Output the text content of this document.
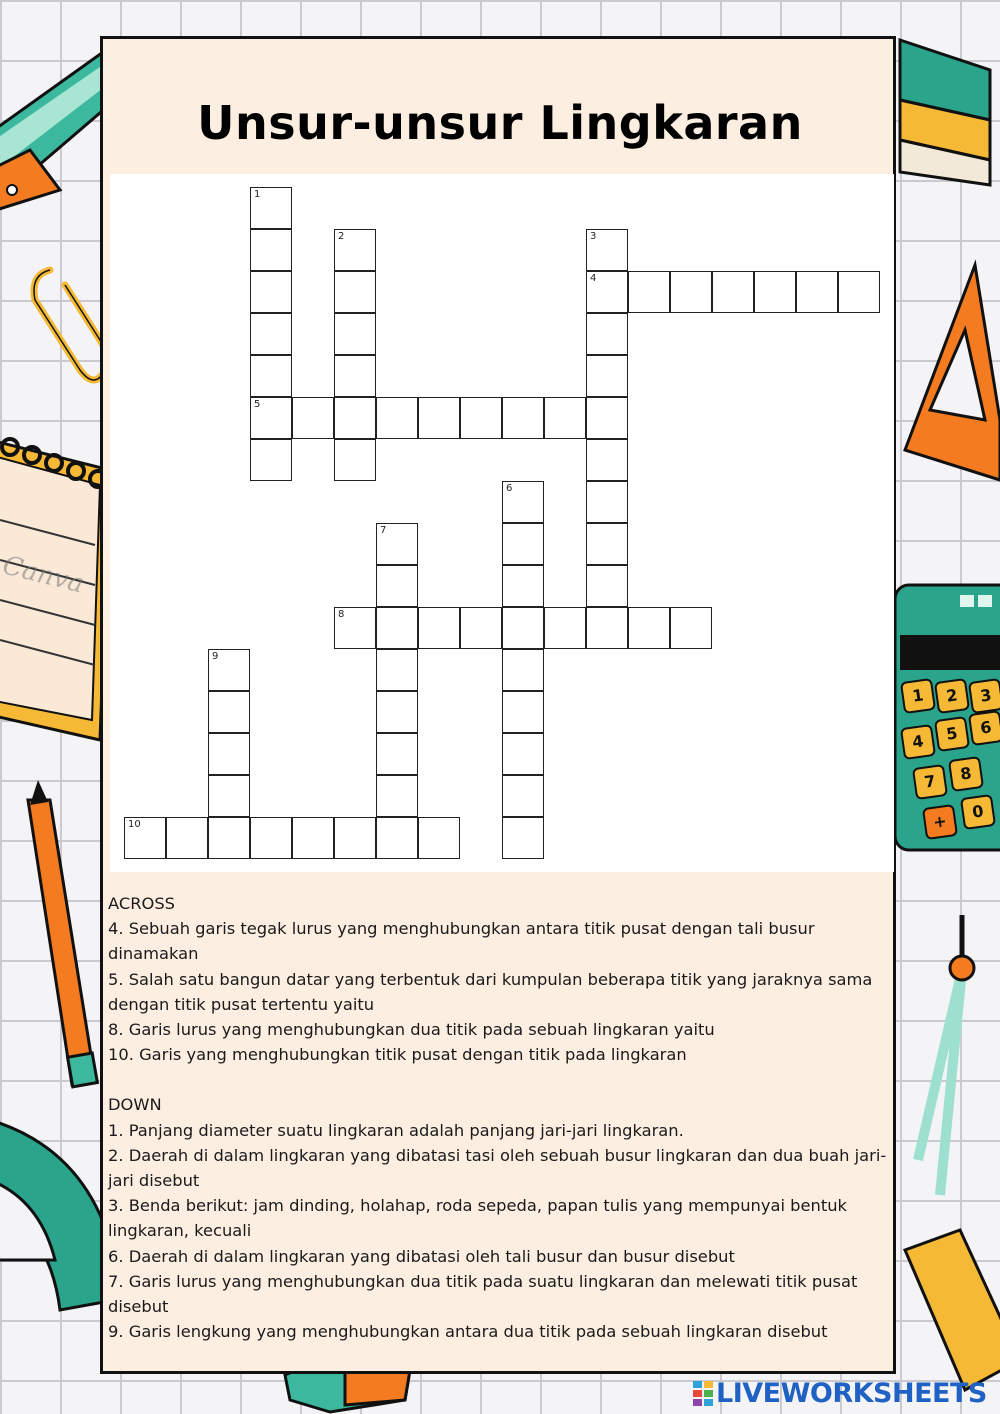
1	2	3
4	5	6
7	8
+	0
Unsur-unsur Lingkaran
1
5
2	3
4
6
7
8
9
10

ACROSS

4. Sebuah garis tegak lurus yang menghubungkan antara titik pusat dengan tali busur dinamakan

5. Salah satu bangun datar yang terbentuk dari kumpulan beberapa titik yang jaraknya sama dengan titik pusat tertentu yaitu

8. Garis lurus yang menghubungkan dua titik pada sebuah lingkaran yaitu

10. Garis yang menghubungkan titik pusat dengan titik pada lingkaran

DOWN

1. Panjang diameter suatu lingkaran adalah panjang jari-jari lingkaran.

2. Daerah di dalam lingkaran yang dibatasi tasi oleh sebuah busur lingkaran dan dua buah jari- jari disebut

3. Benda berikut: jam dinding, holahap, roda sepeda, papan tulis yang mempunyai bentuk lingkaran, kecuali

6. Daerah di dalam lingkaran yang dibatasi oleh tali busur dan busur disebut

7. Garis lurus yang menghubungkan dua titik pada suatu lingkaran dan melewati titik pusat disebut

9. Garis lengkung yang menghubungkan antara dua titik pada sebuah lingkaran disebut

Canva
LIVEWORKSHEETS
